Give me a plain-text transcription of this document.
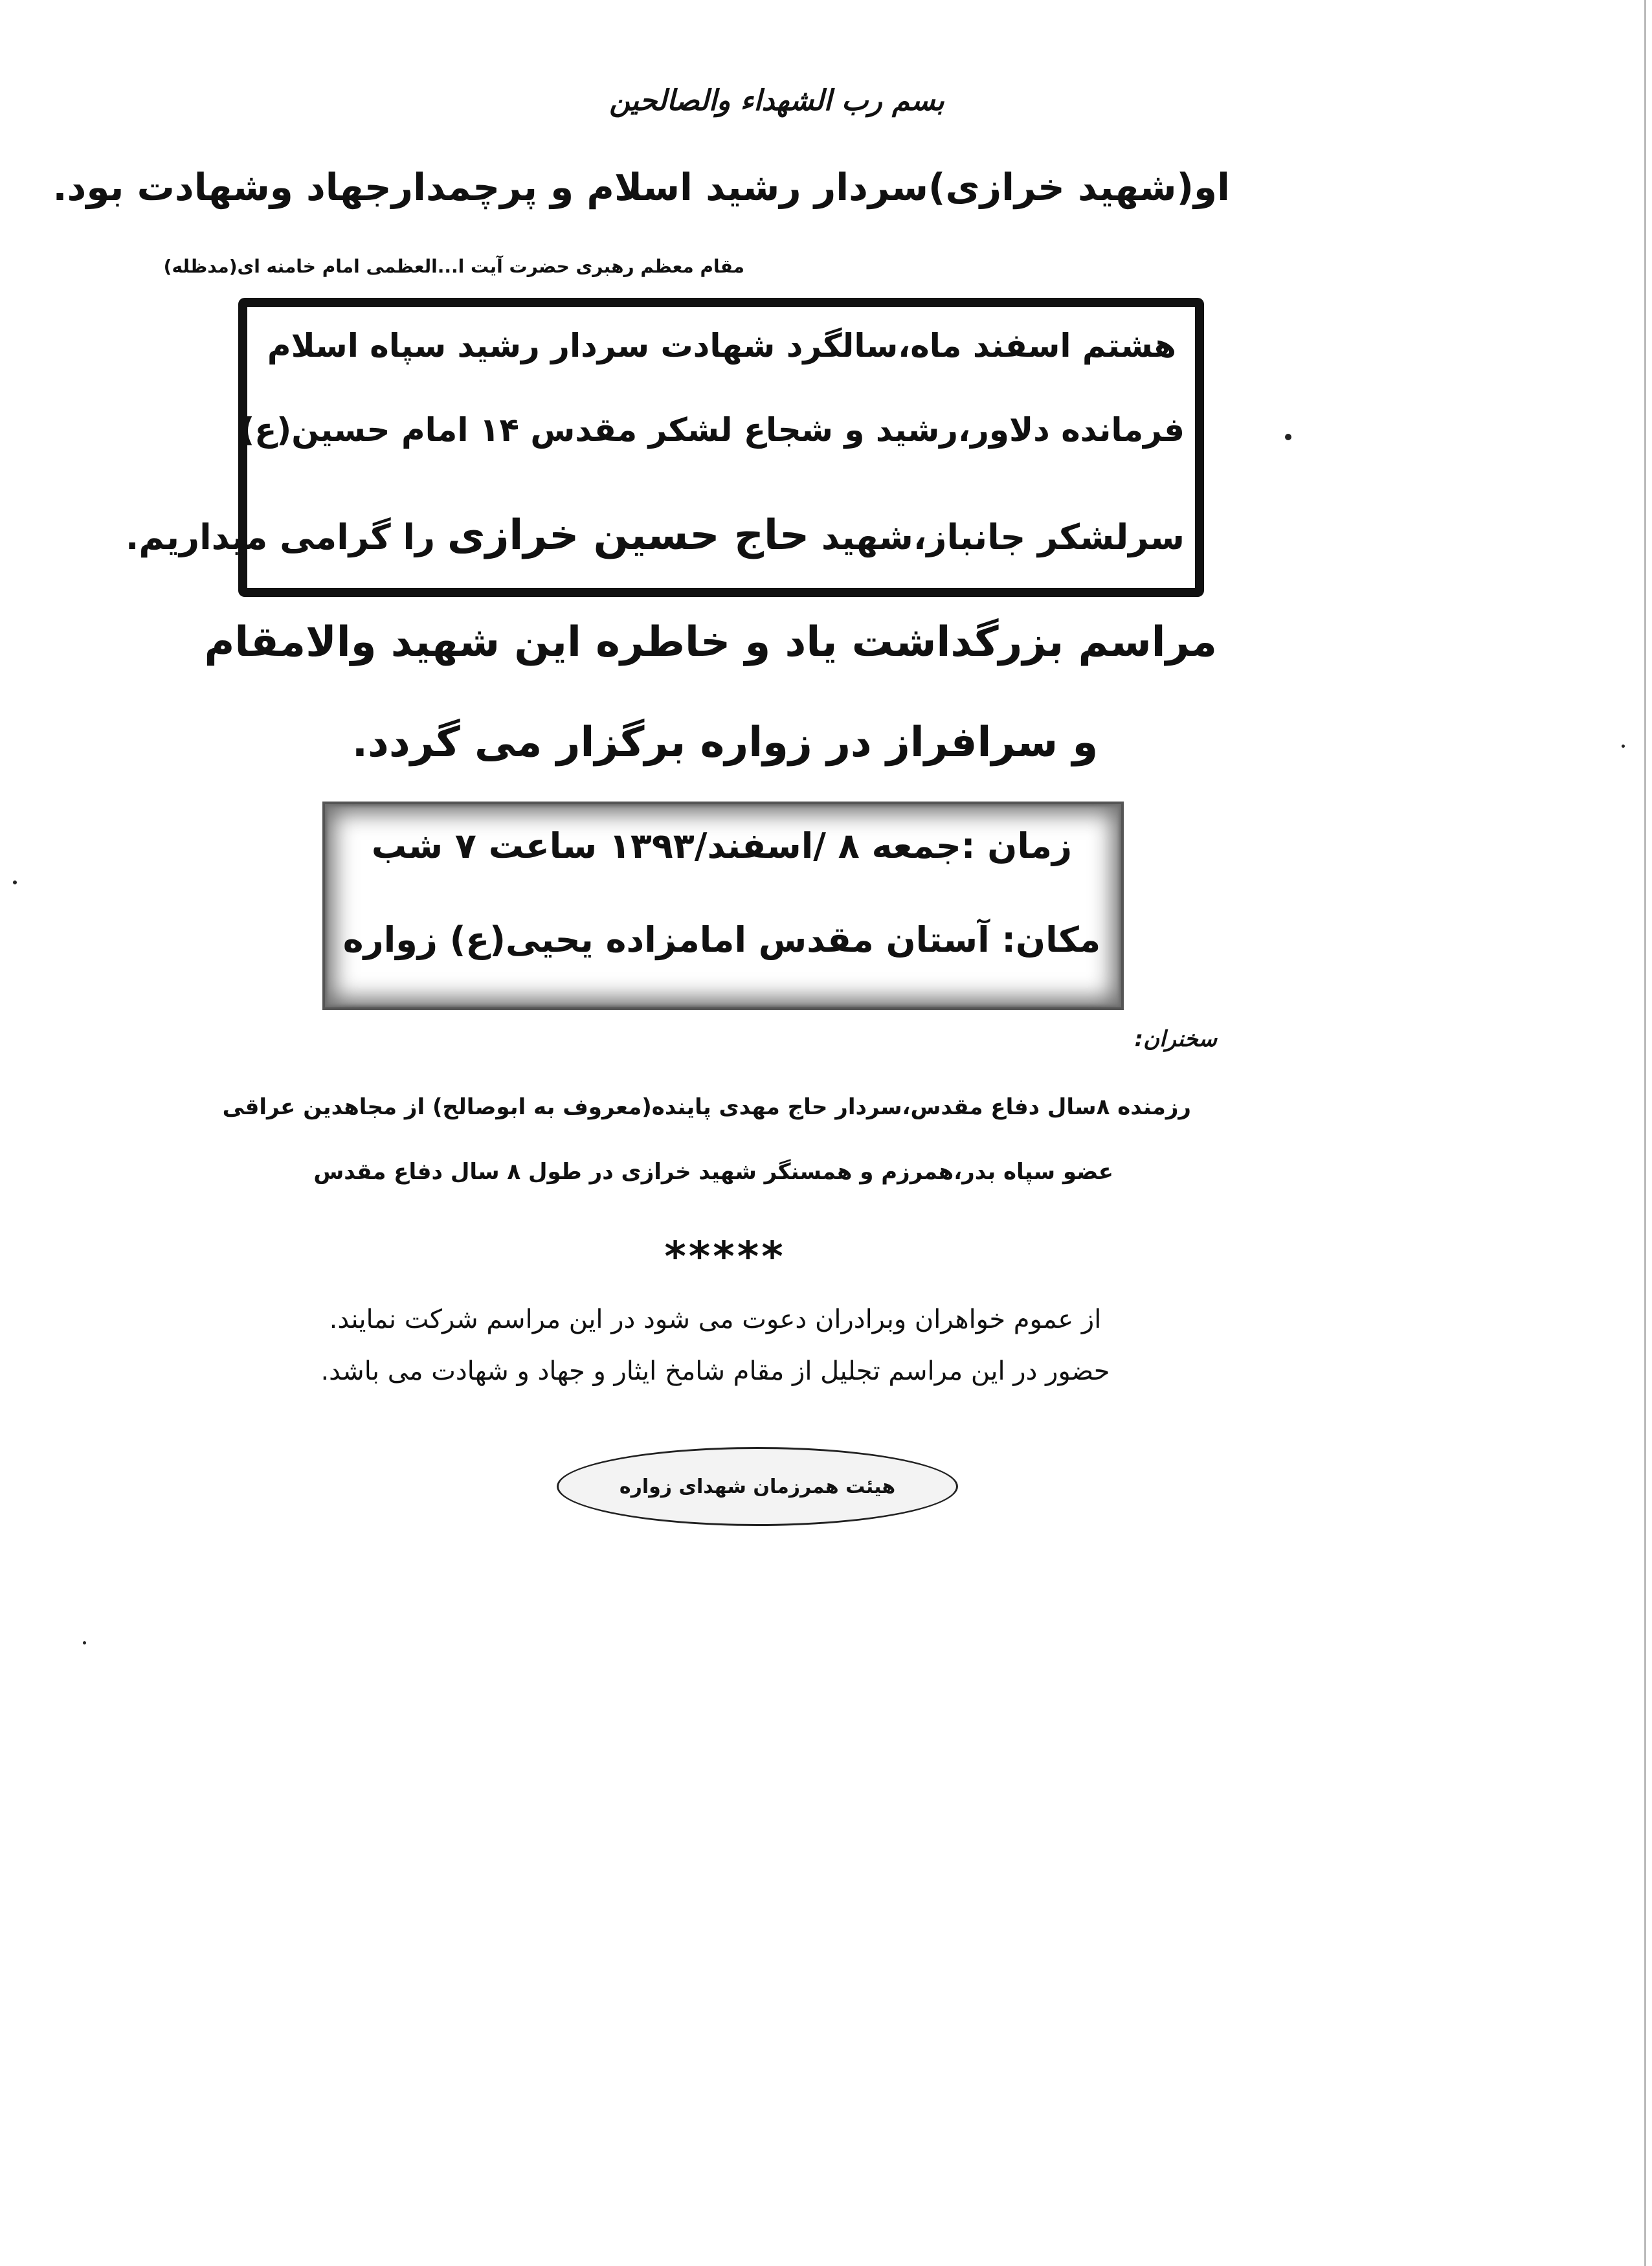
بسم رب الشهداء والصالحین
او(شهید خرازی)سردار رشید اسلام و پرچمدارجهاد وشهادت بود.
مقام معظم رهبری حضرت آیت ا...العظمی امام خامنه ای(مدظله)
هشتم اسفند ماه،سالگرد شهادت سردار رشید سپاه اسلام
فرمانده دلاور،رشید و شجاع لشکر مقدس ۱۴ امام حسین(ع)
سرلشکر جانباز،شهید حاج حسین خرازی را گرامی میداریم.
مراسم بزرگداشت یاد و خاطره این شهید والامقام
و سرافراز در زواره برگزار می گردد.
زمان :جمعه ۸ /اسفند/۱۳۹۳ ساعت ۷ شب
مکان: آستان مقدس امامزاده یحیی(ع) زواره
سخنران:
رزمنده ۸سال دفاع مقدس،سردار حاج مهدی پاینده(معروف به ابوصالح) از مجاهدین عراقی
عضو سپاه بدر،همرزم و همسنگر شهید خرازی در طول ۸ سال دفاع مقدس
*****
از عموم خواهران وبرادران دعوت می شود در این مراسم شرکت نمایند.
حضور در این مراسم تجلیل از مقام شامخ ایثار و جهاد و شهادت می باشد.
هیئت همرزمان شهدای زواره
